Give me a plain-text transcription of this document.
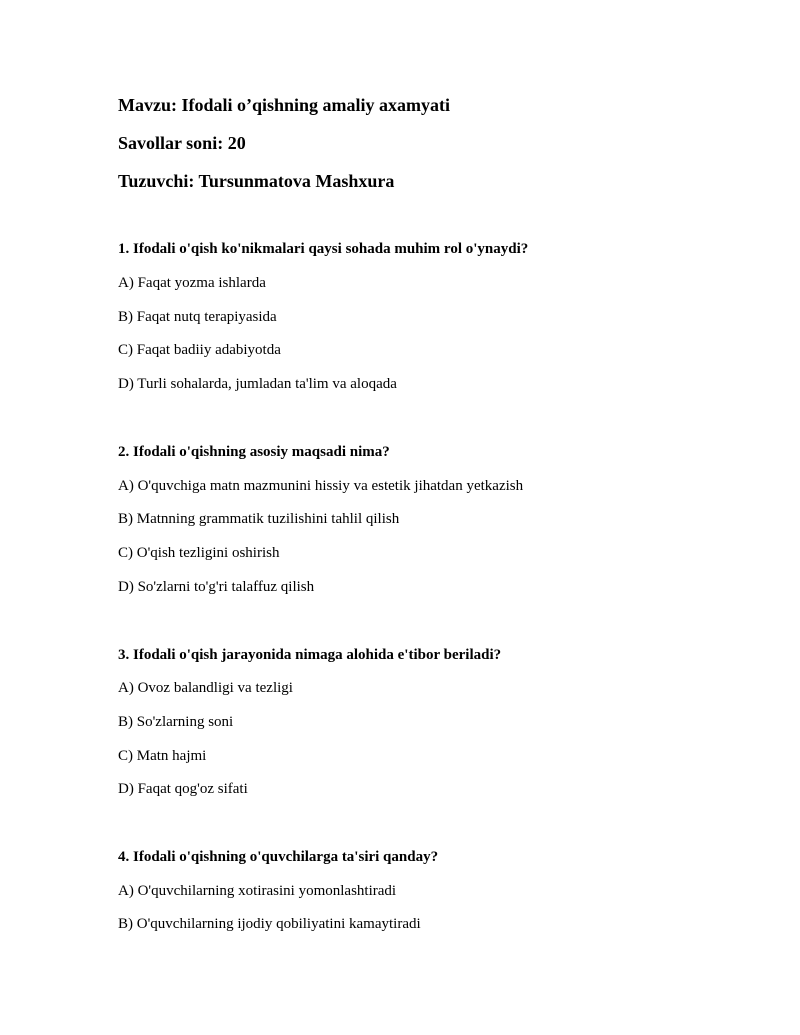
Mavzu: Ifodali o’qishning amaliy axamyati
Savollar soni: 20
Tuzuvchi: Tursunmatova Mashxura
1. Ifodali o'qish ko'nikmalari qaysi sohada muhim rol o'ynaydi?
A) Faqat yozma ishlarda
B) Faqat nutq terapiyasida
C) Faqat badiiy adabiyotda
D) Turli sohalarda, jumladan ta'lim va aloqada
2. Ifodali o'qishning asosiy maqsadi nima?
A) O'quvchiga matn mazmunini hissiy va estetik jihatdan yetkazish
B) Matnning grammatik tuzilishini tahlil qilish
C) O'qish tezligini oshirish
D) So'zlarni to'g'ri talaffuz qilish
3. Ifodali o'qish jarayonida nimaga alohida e'tibor beriladi?
A) Ovoz balandligi va tezligi
B) So'zlarning soni
C) Matn hajmi
D) Faqat qog'oz sifati
4. Ifodali o'qishning o'quvchilarga ta'siri qanday?
A) O'quvchilarning xotirasini yomonlashtiradi
B) O'quvchilarning ijodiy qobiliyatini kamaytiradi
